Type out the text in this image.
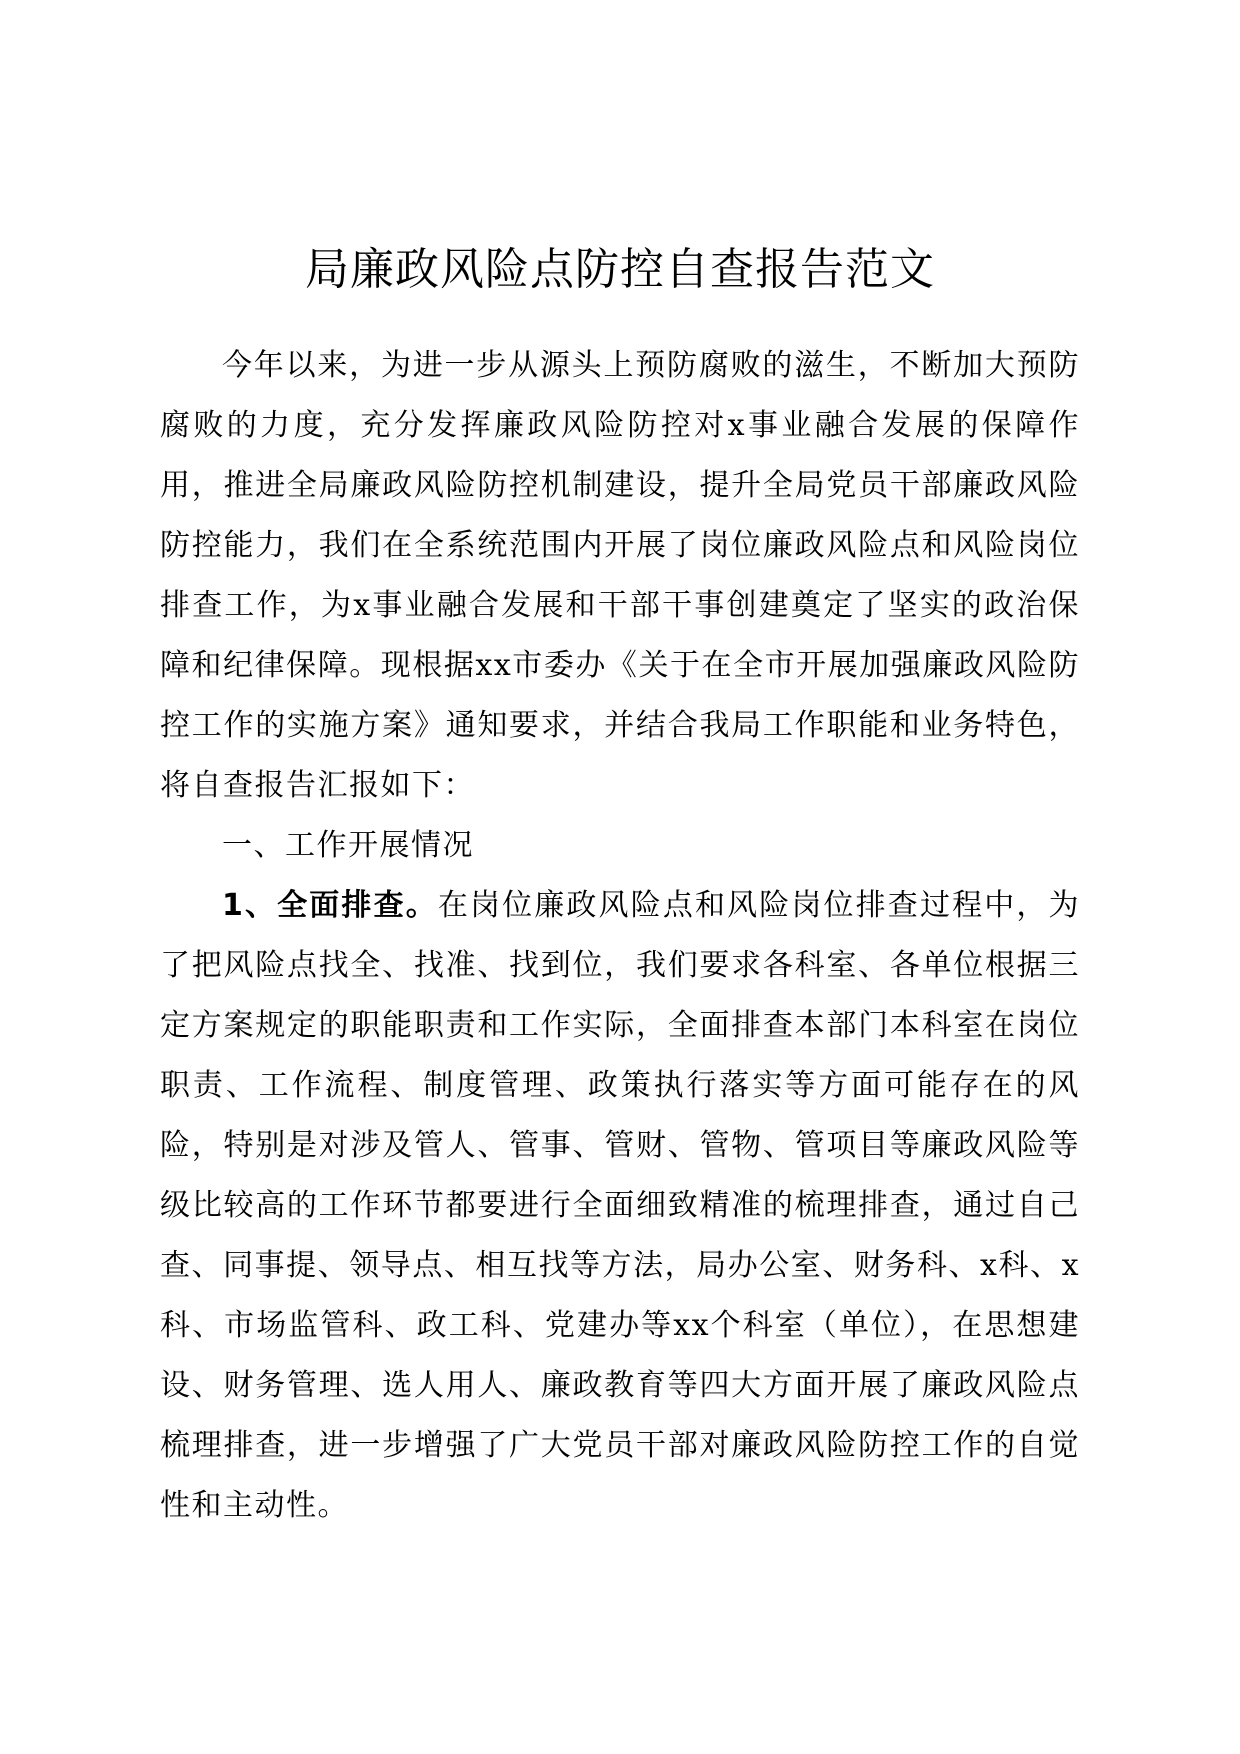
局廉政风险点防控自查报告范文

今年以来，为进一步从源头上预防腐败的滋生，不断加大预防腐败的力度，充分发挥廉政风险防控对x事业融合发展的保障作用，推进全局廉政风险防控机制建设，提升全局党员干部廉政风险防控能力，我们在全系统范围内开展了岗位廉政风险点和风险岗位排查工作，为x事业融合发展和干部干事创建奠定了坚实的政治保障和纪律保障。现根据xx市委办《关于在全市开展加强廉政风险防控工作的实施方案》通知要求，并结合我局工作职能和业务特色，将自查报告汇报如下：

一、工作开展情况

1、全面排查。在岗位廉政风险点和风险岗位排查过程中，为了把风险点找全、找准、找到位，我们要求各科室、各单位根据三定方案规定的职能职责和工作实际，全面排查本部门本科室在岗位职责、工作流程、制度管理、政策执行落实等方面可能存在的风险，特别是对涉及管人、管事、管财、管物、管项目等廉政风险等级比较高的工作环节都要进行全面细致精准的梳理排查，通过自己查、同事提、领导点、相互找等方法，局办公室、财务科、x科、x科、市场监管科、政工科、党建办等xx个科室（单位），在思想建设、财务管理、选人用人、廉政教育等四大方面开展了廉政风险点梳理排查，进一步增强了广大党员干部对廉政风险防控工作的自觉性和主动性。
